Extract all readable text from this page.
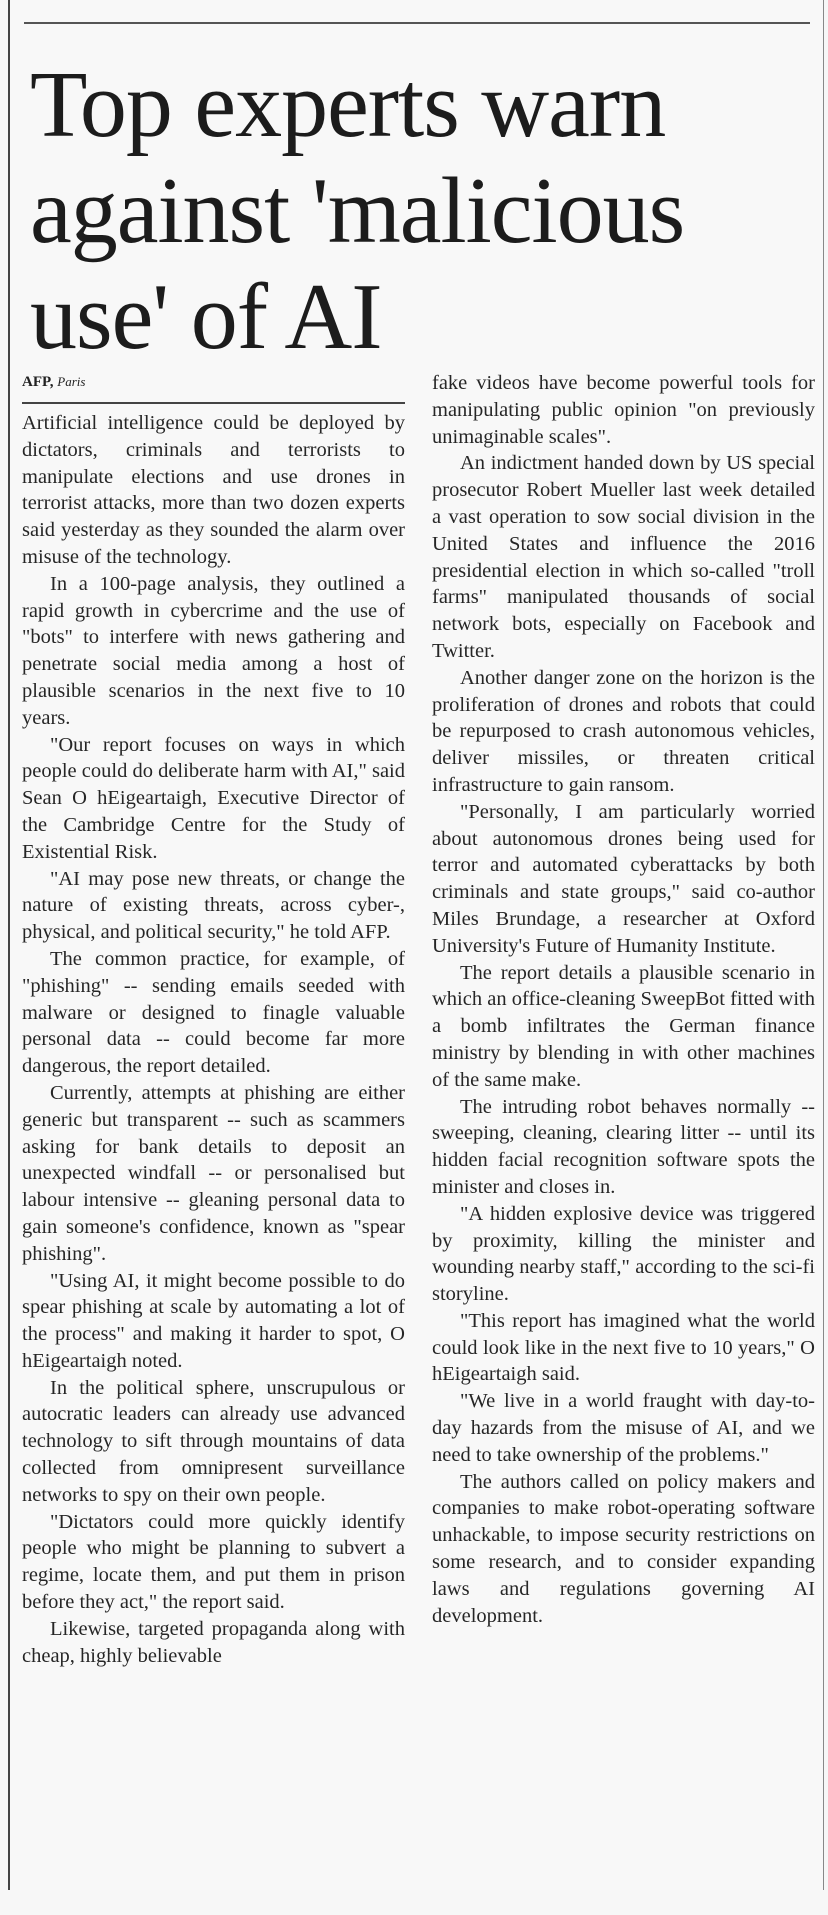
Top experts warn against 'malicious use' of AI
AFP, Paris

Artificial intelligence could be deployed by dictators, criminals and terrorists to manipulate elections and use drones in terrorist attacks, more than two dozen experts said yesterday as they sounded the alarm over misuse of the technology.

In a 100-page analysis, they outlined a rapid growth in cybercrime and the use of "bots" to interfere with news gathering and penetrate social media among a host of plausible scenarios in the next five to 10 years.

"Our report focuses on ways in which people could do deliberate harm with AI," said Sean O hEigeartaigh, Executive Director of the Cambridge Centre for the Study of Existential Risk.

"AI may pose new threats, or change the nature of existing threats, across cyber-, physical, and political security," he told AFP.

The common practice, for example, of "phishing" -- sending emails seeded with malware or designed to finagle valuable personal data -- could become far more dangerous, the report detailed.

Currently, attempts at phishing are either generic but transparent -- such as scammers asking for bank details to deposit an unexpected windfall -- or personalised but labour intensive -- gleaning personal data to gain someone's confidence, known as "spear phishing".

"Using AI, it might become possible to do spear phishing at scale by automating a lot of the process" and making it harder to spot, O hEigeartaigh noted.

In the political sphere, unscrupulous or autocratic leaders can already use advanced technology to sift through mountains of data collected from omnipresent surveillance networks to spy on their own people.

"Dictators could more quickly identify people who might be planning to subvert a regime, locate them, and put them in prison before they act," the report said.

Likewise, targeted propaganda along with cheap, highly believable

fake videos have become powerful tools for manipulating public opinion "on previously unimaginable scales".

An indictment handed down by US special prosecutor Robert Mueller last week detailed a vast operation to sow social division in the United States and influence the 2016 presidential election in which so-called "troll farms" manipulated thousands of social network bots, especially on Facebook and Twitter.

Another danger zone on the horizon is the proliferation of drones and robots that could be repurposed to crash autonomous vehicles, deliver missiles, or threaten critical infrastructure to gain ransom.

"Personally, I am particularly worried about autonomous drones being used for terror and automated cyberattacks by both criminals and state groups," said co-author Miles Brundage, a researcher at Oxford University's Future of Humanity Institute.

The report details a plausible scenario in which an office-cleaning SweepBot fitted with a bomb infiltrates the German finance ministry by blending in with other machines of the same make.

The intruding robot behaves normally -- sweeping, cleaning, clearing litter -- until its hidden facial recognition software spots the minister and closes in.

"A hidden explosive device was triggered by proximity, killing the minister and wounding nearby staff," according to the sci-fi storyline.

"This report has imagined what the world could look like in the next five to 10 years," O hEigeartaigh said.

"We live in a world fraught with day-to-day hazards from the misuse of AI, and we need to take ownership of the problems."

The authors called on policy makers and companies to make robot-operating software unhackable, to impose security restrictions on some research, and to consider expanding laws and regulations governing AI development.
